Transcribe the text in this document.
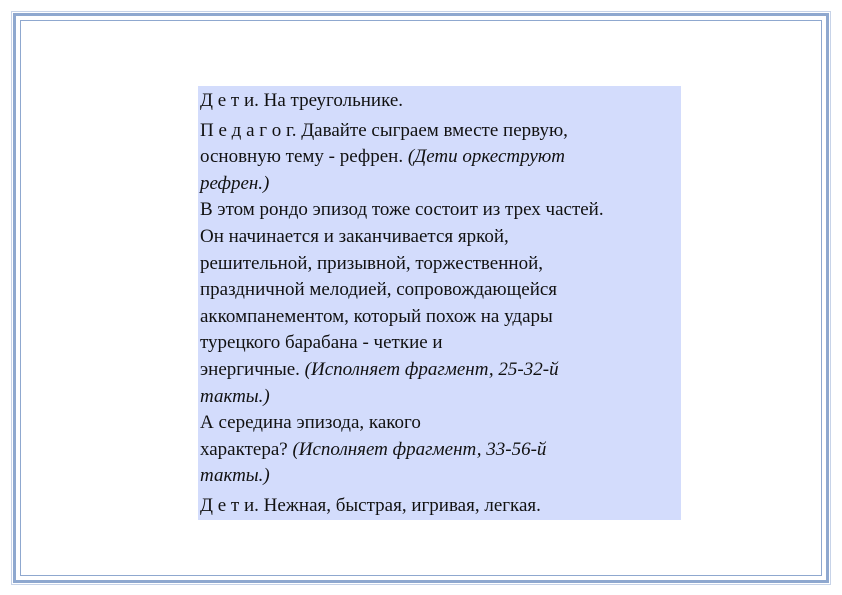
Д е т и. На треугольнике.

П е д а г о г. Давайте сыграем вместе первую,
основную тему - рефрен. (Дети оркеструют
рефрен.)

В этом рондо эпизод тоже состоит из трех частей.
Он начинается и заканчивается яркой,
решительной, призывной, торжественной,
праздничной мелодией, сопровождающейся
аккомпанементом, который похож на удары
турецкого барабана - четкие и
энергичные. (Исполняет фрагмент, 25-32-й
такты.)

А середина эпизода, какого
характера? (Исполняет фрагмент, 33-56-й
такты.)

Д е т и. Нежная, быстрая, игривая, легкая.
